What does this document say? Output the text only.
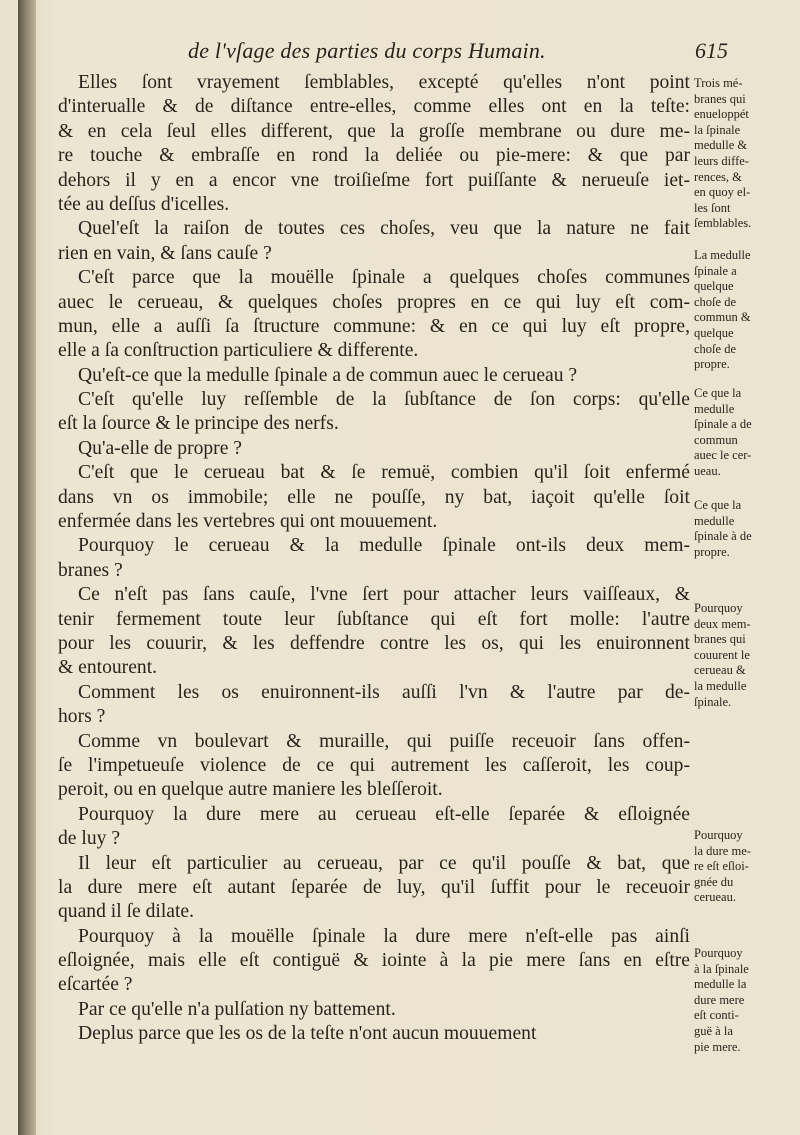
de l'vſage des parties du corps Humain.	615
Elles ſont vrayement ſemblables, excepté qu'elles n'ont point
d'interualle & de diſtance entre-elles, comme elles ont en la teſte:
& en cela ſeul elles different, que la groſſe membrane ou dure me-
re touche & embraſſe en rond la deliée ou pie-mere: & que par
dehors il y en a encor vne troiſieſme fort puiſſante & nerueuſe iet-
tée au deſſus d'icelles.
Quel'eſt la raiſon de toutes ces choſes, veu que la nature ne fait
rien en vain, & ſans cauſe ?
C'eſt parce que la mouëlle ſpinale a quelques choſes communes
auec le cerueau, & quelques choſes propres en ce qui luy eſt com-
mun, elle a auſſi ſa ſtructure commune: & en ce qui luy eſt propre,
elle a ſa conſtruction particuliere & differente.
Qu'eſt-ce que la medulle ſpinale a de commun auec le cerueau ?
C'eſt qu'elle luy reſſemble de la ſubſtance de ſon corps: qu'elle
eſt la ſource & le principe des nerfs.
Qu'a-elle de propre ?
C'eſt que le cerueau bat & ſe remuë, combien qu'il ſoit enfermé
dans vn os immobile; elle ne pouſſe, ny bat, iaçoit qu'elle ſoit
enfermée dans les vertebres qui ont mouuement.
Pourquoy le cerueau & la medulle ſpinale ont-ils deux mem-
branes ?
Ce n'eſt pas ſans cauſe, l'vne ſert pour attacher leurs vaiſſeaux, &
tenir fermement toute leur ſubſtance qui eſt fort molle: l'autre
pour les couurir, & les deffendre contre les os, qui les enuironnent
& entourent.
Comment les os enuironnent-ils auſſi l'vn & l'autre par de-
hors ?
Comme vn boulevart & muraille, qui puiſſe receuoir ſans offen-
ſe l'impetueuſe violence de ce qui autrement les caſſeroit, les coup-
peroit, ou en quelque autre maniere les bleſſeroit.
Pourquoy la dure mere au cerueau eſt-elle ſeparée & eſloignée
de luy ?
Il leur eſt particulier au cerueau, par ce qu'il pouſſe & bat, que
la dure mere eſt autant ſeparée de luy, qu'il ſuffit pour le receuoir
quand il ſe dilate.
Pourquoy à la mouëlle ſpinale la dure mere n'eſt-elle pas ainſi
eſloignée, mais elle eſt contiguë & iointe à la pie mere ſans en eſtre
eſcartée ?
Par ce qu'elle n'a pulſation ny battement.
Deplus parce que les os de la teſte n'ont aucun mouuement
Trois mé-
branes qui
enueloppét
la ſpinale
medulle &
leurs diffe-
rences, &
en quoy el-
les ſont
ſemblables.
La medulle
ſpinale a
quelque
choſe de
commun &
quelque
choſe de
propre.
Ce que la
medulle
ſpinale a de
commun
auec le cer-
ueau.
Ce que la
medulle
ſpinale à de
propre.
Pourquoy
deux mem-
branes qui
couurent le
cerueau &
la medulle
ſpinale.
Pourquoy
la dure me-
re eſt eſloi-
gnée du
cerueau.
Pourquoy
à la ſpinale
medulle la
dure mere
eſt conti-
guë à la
pie mere.
